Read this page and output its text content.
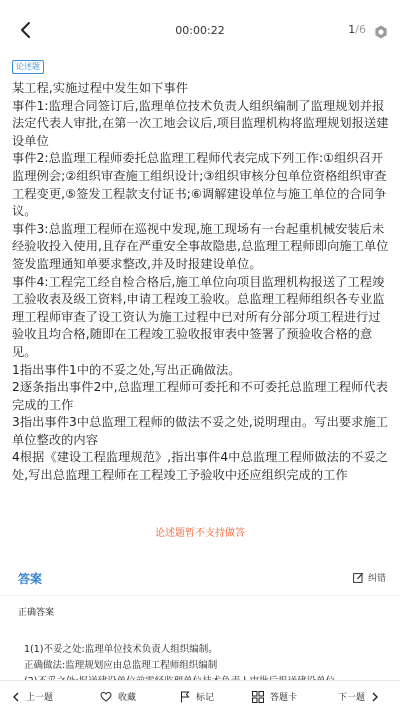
00:00:22	1/6
论述题

某工程,实施过程中发生如下事件

事件1:监理合同签订后,监理单位技术负责人组织编制了监理规划并报法定代表人审批,在第一次工地会议后,项目监理机构将监理规划报送建设单位

事件2:总监理工程师委托总监理工程师代表完成下列工作:①组织召开监理例会;②组织审查施工组织设计;③组织审核分包单位资格组织审查工程变更,⑤签发工程款支付证书;⑥调解建设单位与施工单位的合同争议。

事件3:总监理工程师在巡视中发现,施工现场有一台起重机械安装后未经验收投入使用,且存在严重安全事故隐患,总监理工程师即向施工单位签发监理通知单要求整改,并及时报建设单位。

事件4:工程完工经自检合格后,施工单位向项目监理机构报送了工程竣工验收表及级工资料,申请工程竣工验收。总监理工程师组织各专业监理工程师审查了设工资认为施工过程中已对所有分部分项工程进行过验收且均合格,随即在工程竣工验收报审表中签署了预验收合格的意见。

1指出事件1中的不妥之处,写出正确做法。

2逐条指出事件2中,总监理工程师可委托和不可委托总监理工程师代表完成的工作

3指出事件3中总监理工程师的做法不妥之处,说明理由。写出要求施工单位整改的内容

4根据《建设工程监理规范》,指出事件4中总监理工程师做法的不妥之处,写出总监理工程师在工程竣工予验收中还应组织完成的工作

论述题暂不支持做答
答案	纠错
正确答案

1(1)不妥之处:监理单位技术负责人组织编制。

正确做法:监理规划应由总监理工程师组织编制

上一题	收藏	标记	答题卡	下一题
